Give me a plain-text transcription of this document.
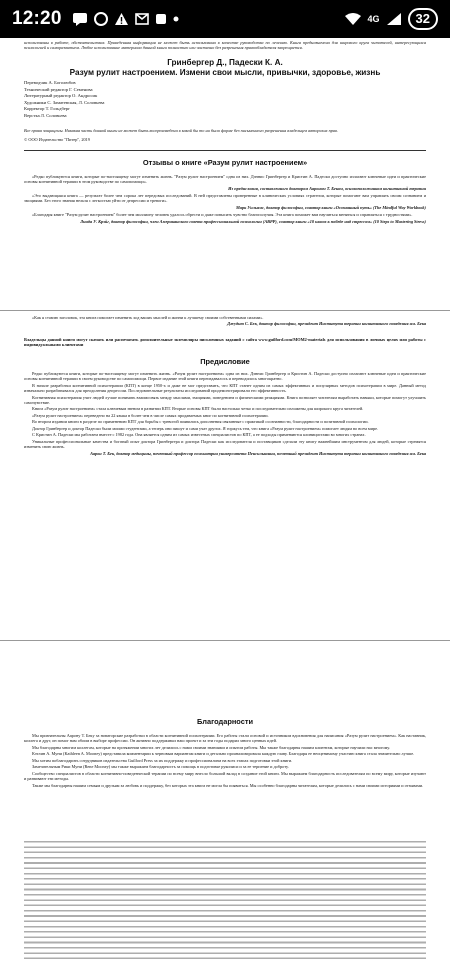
12:20	4G	32

использованы в работе, обстоятельствах. Приведенная информация не может быть использована в качестве руководства по лечению. Книга предназначена для широкого круга читателей, интересующихся психологией и саморазвитием. Любое использование материала данной книги полностью или частично без разрешения правообладателя запрещается.

Гринбергер Д., Падески К. А.
Разум рулит настроением. Измени свои мысли, привычки, здоровье, жизнь
Переводчик А. Боголюбов
Технический редактор Г. Семенова
Литературный редактор О. Андросик
Художники С. Заматевская, Л. Соловьева
Корректор Т. Гольдберг
Верстка Л. Соловьева

Все права защищены. Никакая часть данной книги не может быть воспроизведена в какой бы то ни было форме без письменного разрешения владельцев авторских прав.

© ООО Издательство "Питер", 2019

Отзывы о книге «Разум рулит настроением»

«Редко публикуются книги, которые по-настоящему могут изменить жизнь. "Разум рулит настроением" одна из них. Дэннис Гринбергер и Кристин А. Падески доступно излагают ключевые идеи и практические основы когнитивной терапии в этом руководстве по самопомощи».

Из предисловия, составленного доктором Аароном Т. Беком, основоположником когнитивной терапии

«Это выдающаяся книга — результат более чем сорока лет передовых исследований. В ней представлены проверенные в клинических условиях стратегии, которые помогают вам управлять своим сознанием и эмоциями. Без этого знания нельзя с легкостью уйти от депрессии и тревоги».

Марк Уильямс, доктор философии, соавтор книги «Осознанный путь» (The Mindful Way Workbook)

«Благодаря книге "Разум рулит настроением" более чем миллиону человек удалось обрести и даже повысить чувство благополучия. Эта книга поможет вам научиться меняться и справляться с трудностями».

Линда У. Крэйг, доктор философии, член Американского совета профессиональной психологии (ABPP), соавтор книги «10 шагов к победе над стрессом» (10 Steps to Mastering Stress)

«Как я ставлю заголовок, эта книга помогает изменить ход ваших мыслей и жизни к лучшему своими собственными силами».

Джудит С. Бек, доктор философии, президент Института терапии когнитивного поведения им. Бека

Владельцы данной книги могут скачать или распечатать дополнительные экземпляры письменных заданий с сайта www.guilford.com/MOM2-materials для использования в личных целях или работы с индивидуальными клиентами

Предисловие

Редко публикуются книги, которые по-настоящему могут изменить жизнь. «Разум рулит настроением» одна из них. Дэннис Гринбергер и Кристин А. Падески доступно излагают ключевые идеи и практические основы когнитивной терапии в своем руководстве по самопомощи. Первое издание этой книги переиздавалось и переводилось многократно.

В начале разработки когнитивной психотерапии (КПТ) в конце 1950-х и даже не мог представить, что КПТ станет одним из самых эффективных и популярных методов психотерапии в мире. Данный метод изначально разрабатывался для преодоления депрессии. Последовательные результаты исследований продемонстрировали его эффективность.

Когнитивная психотерапия учит людей лучше понимать взаимосвязь между мыслями, эмоциями, поведением и физическими реакциями. Книга позволяет читателям выработать навыки, которые помогут улучшить самочувствие.

Книга «Разум рулит настроением» стала ключевым звеном в развитии КПТ. Вторые основы КПТ были настолько четко и последовательно изложены для широкого круга читателей.

«Разум рулит настроением» переведено на 22 языка в более чем в числе самых продаваемых книг по когнитивной психотерапии.

Во втором издании книги в разделе по применению КПТ для борьбы с тревогой появились дополнения связанные с практикой осознанности, благодарности и позитивной психологии.

Доктор Гринбергер и доктор Падески были моими студентами, а теперь они пишут и сами учат других. Я горжусь тем, что книга «Разум рулит настроением» помогает людям во всем мире.

С Кристин А. Падески мы работаем вместе с 1982 года. Она является одним из самых известных специалистов по КПТ, а ее подходы применяются клиницистами во многих странах.

Уникальные профессиональные качества и богатый опыт доктора Гринбергера и доктора Падески как исследователя и поставщиков сделали эту книгу важнейшим инструментом для людей, которые стремятся изменить свою жизнь.

Аарон Т. Бек, доктор медицины, почетный профессор психиатрии университета Пенсильвании, почетный президент Института терапии когнитивного поведения им. Бека

Благодарности

Мы признательны Аарону Т. Беку за новаторские разработки в области когнитивной психотерапии. Его работы стали основой и источником вдохновения для написания «Разум рулит настроением». Как наставник, коллега и друг, он помог нам обоим в выборе профессии. Он активно поддерживал наш проект и за эти годы подарил много ценных идей.

Мы благодарны многим коллегам, которые на протяжении многих лет делились с нами своими знаниями и опытом работы. Мы также благодарны нашим клиентам, которые научили нас многому.

Кэтлин А. Муни (Kathleen A. Mooney) представила комментарии к черновым вариантам книги и детально проанализировала каждую главу. Благодаря ее неоценимому участию книга стала значительно лучше.

Мы хотим поблагодарить сотрудников издательства Guilford Press за их поддержку и профессионализм на всех этапах подготовки этой книги.

Замечательным Рики Муни (Rene Mooney) мы также выражаем благодарность за помощь в подготовке рукописи и за ее терпение и доброту.

Сообщество специалистов в области когнитивно-поведенческой терапии по всему миру внесло большой вклад в создание этой книги. Мы выражаем благодарность исследователям по всему миру, которые изучают и развивают эти методы.

Также мы благодарны нашим семьям и друзьям за любовь и поддержку, без которых эта книга не могла бы появиться. Мы особенно благодарны читателям, которые делились с нами своими историями и отзывами.
